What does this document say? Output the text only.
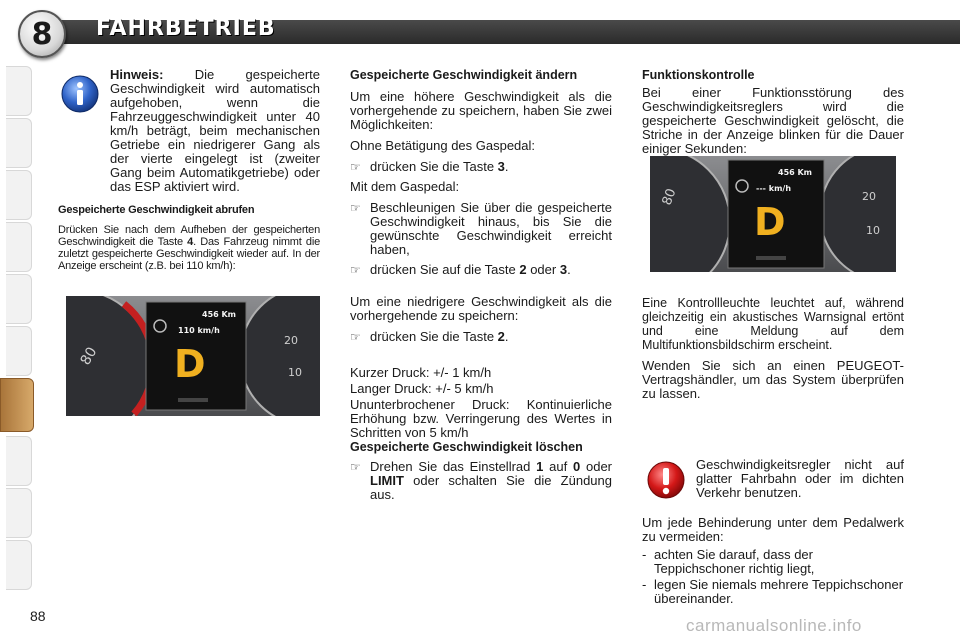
FAHRBETRIEB
8

Hinweis: Die gespeicherte Geschwindigkeit wird automatisch aufgehoben, wenn die Fahrzeuggeschwindigkeit unter 40 km/h beträgt, beim mechanischen Getriebe ein niedrigerer Gang als der vierte eingelegt ist (zweiter Gang beim Automatikgetriebe) oder das ESP aktiviert wird.

Gespeicherte Geschwindigkeit abrufen

Drücken Sie nach dem Aufheben der gespeicherten Geschwindigkeit die Taste 4. Das Fahrzeug nimmt die zuletzt gespeicherte Geschwindigkeit wieder auf. In der Anzeige erscheint (z.B. bei 110 km/h):

80
20
10
456 Km
110 km/h
D

Gespeicherte Geschwindigkeit ändern

Um eine höhere Geschwindigkeit als die vorhergehende zu speichern, haben Sie zwei Möglichkeiten:

Ohne Betätigung des Gaspedal:

☞ drücken Sie die Taste 3.

Mit dem Gaspedal:

☞ Beschleunigen Sie über die gespeicherte Geschwindigkeit hinaus, bis Sie die gewünschte Geschwindigkeit erreicht haben,
☞ drücken Sie auf die Taste 2 oder 3.

Um eine niedrigere Geschwindigkeit als die vorhergehende zu speichern:

☞ drücken Sie die Taste 2.

Kurzer Druck: +/- 1 km/h

Langer Druck: +/- 5 km/h

Ununterbrochener Druck: Kontinuierliche Erhöhung bzw. Verringerung des Wertes in Schritten von 5 km/h

Gespeicherte Geschwindigkeit löschen

☞ Drehen Sie das Einstellrad 1 auf 0 oder LIMIT oder schalten Sie die Zündung aus.

Funktionskontrolle

Bei einer Funktionsstörung des Geschwindigkeitsreglers wird die gespeicherte Geschwindigkeit gelöscht, die Striche in der Anzeige blinken für die Dauer einiger Sekunden:

80	20
10
456 Km
--- km/h
D

Eine Kontrollleuchte leuchtet auf, während gleichzeitig ein akustisches Warnsignal ertönt und eine Meldung auf dem Multifunktionsbildschirm erscheint.

Wenden Sie sich an einen PEUGEOT-Vertragshändler, um das System überprüfen zu lassen.

Geschwindigkeitsregler nicht auf glatter Fahrbahn oder im dichten Verkehr benutzen.

Um jede Behinderung unter dem Pedalwerk zu vermeiden:

- achten Sie darauf, dass der Teppichschoner richtig liegt,
- legen Sie niemals mehrere Teppichschoner übereinander.
88	carmanualsonline.info
